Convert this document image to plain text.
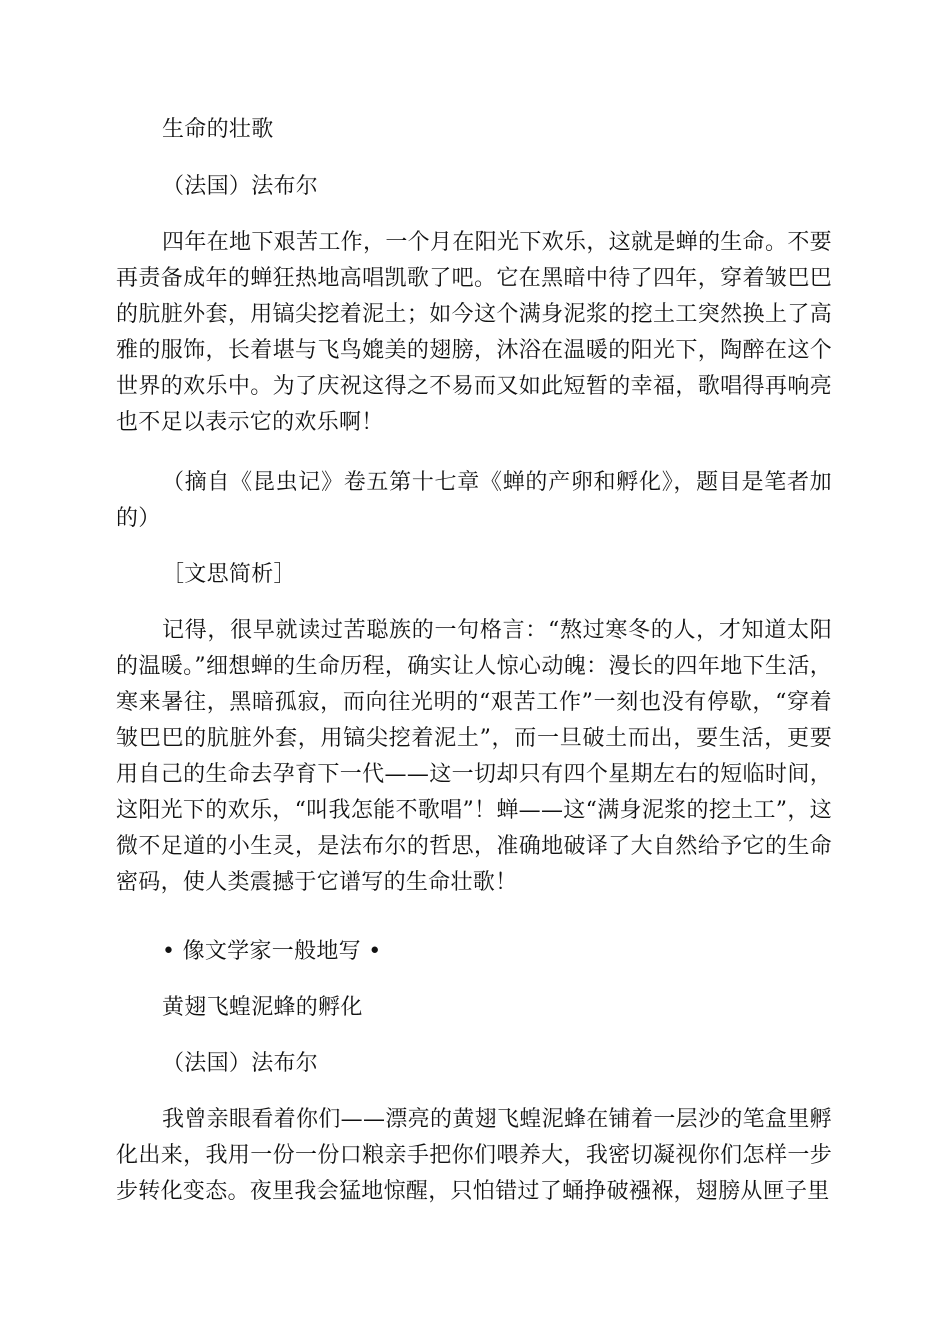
生命的壮歌

（法国）法布尔

四年在地下艰苦工作，一个月在阳光下欢乐，这就是蝉的生命。不要再责备成年的蝉狂热地高唱凯歌了吧。它在黑暗中待了四年，穿着皱巴巴的肮脏外套，用镐尖挖着泥土；如今这个满身泥浆的挖土工突然换上了高雅的服饰，长着堪与飞鸟媲美的翅膀，沐浴在温暖的阳光下，陶醉在这个世界的欢乐中。为了庆祝这得之不易而又如此短暂的幸福，歌唱得再响亮也不足以表示它的欢乐啊！

（摘自《昆虫记》卷五第十七章《蝉的产卵和孵化》，题目是笔者加的）

［文思简析］

记得，很早就读过苦聪族的一句格言：“熬过寒冬的人，才知道太阳的温暖。”细想蝉的生命历程，确实让人惊心动魄：漫长的四年地下生活，寒来暑往，黑暗孤寂，而向往光明的“艰苦工作”一刻也没有停歇，“穿着皱巴巴的肮脏外套，用镐尖挖着泥土”，而一旦破土而出，要生活，更要用自己的生命去孕育下一代——这一切却只有四个星期左右的短临时间，这阳光下的欢乐，“叫我怎能不歌唱”！蝉——这“满身泥浆的挖土工”，这微不足道的小生灵，是法布尔的哲思，准确地破译了大自然给予它的生命密码，使人类震撼于它谱写的生命壮歌！

• 像文学家一般地写 •

黄翅飞蝗泥蜂的孵化

（法国）法布尔

我曾亲眼看着你们——漂亮的黄翅飞蝗泥蜂在铺着一层沙的笔盒里孵化出来，我用一份一份口粮亲手把你们喂养大，我密切凝视你们怎样一步步转化变态。夜里我会猛地惊醒，只怕错过了蛹挣破襁褓，翅膀从匣子里
